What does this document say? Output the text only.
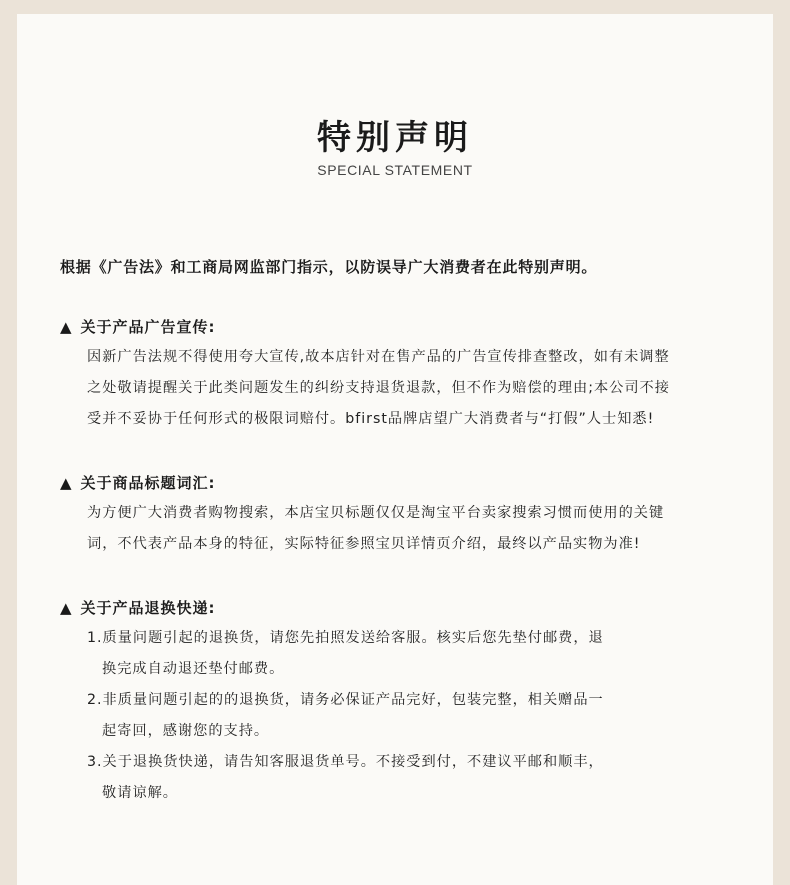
特别声明
SPECIAL STATEMENT
根据《广告法》和工商局网监部门指示，以防误导广大消费者在此特别声明。
▲ 关于产品广告宣传:
因新广告法规不得使用夸大宣传,故本店针对在售产品的广告宣传排查整改，如有未调整
之处敬请提醒关于此类问题发生的纠纷支持退货退款，但不作为赔偿的理由;本公司不接
受并不妥协于任何形式的极限词赔付。bfirst品牌店望广大消费者与“打假”人士知悉!
▲ 关于商品标题词汇:
为方便广大消费者购物搜索，本店宝贝标题仅仅是淘宝平台卖家搜索习惯而使用的关键
词，不代表产品本身的特征，实际特征参照宝贝详情页介绍，最终以产品实物为准!
▲ 关于产品退换快递:
1.质量问题引起的退换货，请您先拍照发送给客服。核实后您先垫付邮费，退
换完成自动退还垫付邮费。
2.非质量问题引起的的退换货，请务必保证产品完好，包装完整，相关赠品一
起寄回，感谢您的支持。
3.关于退换货快递，请告知客服退货单号。不接受到付，不建议平邮和顺丰，
敬请谅解。
